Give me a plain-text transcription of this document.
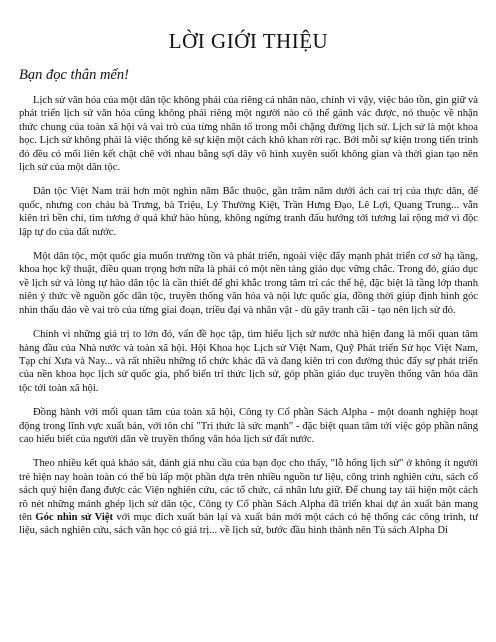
LỜI GIỚI THIỆU
Bạn đọc thân mến!

Lịch sử văn hóa của một dân tộc không phải của riêng cá nhân nào, chính vì vậy, việc bảo tồn, gìn giữ và phát triển lịch sử văn hóa cũng không phải riêng một người nào có thể gánh vác được, nó thuộc về nhận thức chung của toàn xã hội và vai trò của từng nhân tố trong mỗi chặng đường lịch sử. Lịch sử là một khoa học. Lịch sử không phải là việc thống kê sự kiện một cách khô khan rời rạc. Bởi mỗi sự kiện trong tiến trình đó đều có mối liên kết chặt chẽ với nhau bằng sợi dây vô hình xuyên suốt không gian và thời gian tạo nên lịch sử của một dân tộc.

Dân tộc Việt Nam trải hơn một nghìn năm Bắc thuộc, gần trăm năm dưới ách cai trị của thực dân, đế quốc, nhưng con cháu bà Trưng, bà Triệu, Lý Thường Kiệt, Trần Hưng Đạo, Lê Lợi, Quang Trung... vẫn kiên trì bền chí, tìm tương ở quá khứ hào hùng, không ngừng tranh đấu hướng tới tương lai rộng mở vì độc lập tự do của đất nước.

Một dân tộc, một quốc gia muốn trường tồn và phát triển, ngoài việc đẩy mạnh phát triển cơ sở hạ tầng, khoa học kỹ thuật, điều quan trọng hơn nữa là phải có một nền tảng giáo dục vững chắc. Trong đó, giáo dục về lịch sử và lòng tự hào dân tộc là cần thiết để ghi khắc trong tâm trí các thế hệ, đặc biệt là tầng lớp thanh niên ý thức về nguồn gốc dân tộc, truyền thống văn hóa và nội lực quốc gia, đồng thời giúp định hình góc nhìn thấu đáo về vai trò của từng giai đoạn, triều đại và nhân vật - dù gây tranh cãi - tạo nên lịch sử đó.

Chính vì những giá trị to lớn đó, vấn đề học tập, tìm hiểu lịch sử nước nhà hiện đang là mối quan tâm hàng đầu của Nhà nước và toàn xã hội. Hội Khoa học Lịch sử Việt Nam, Quỹ Phát triển Sử học Việt Nam, Tạp chí Xưa và Nay... và rất nhiều những tổ chức khác đã và đang kiên trì con đường thúc đẩy sự phát triển của nền khoa học lịch sử quốc gia, phổ biến tri thức lịch sử, góp phần giáo dục truyền thống văn hóa dân tộc tới toàn xã hội.

Đồng hành với mối quan tâm của toàn xã hội, Công ty Cổ phần Sách Alpha - một doanh nghiệp hoạt động trong lĩnh vực xuất bản, với tôn chỉ "Tri thức là sức mạnh" - đặc biệt quan tâm tới việc góp phần nâng cao hiểu biết của người dân về truyền thống văn hóa lịch sử đất nước.

Theo nhiều kết quả khảo sát, đánh giá nhu cầu của bạn đọc cho thấy, "lỗ hổng lịch sử" ở không ít người trẻ hiện nay hoàn toàn có thể bù lấp một phần dựa trên nhiều nguồn tư liệu, công trình nghiên cứu, sách cổ sách quý hiện đang được các Viện nghiên cứu, các tổ chức, cá nhân lưu giữ. Để chung tay tái hiện một cách rõ nét những mảnh ghép lịch sử dân tộc, Công ty Cổ phần Sách Alpha đã triển khai dự án xuất bản mang tên Góc nhìn sử Việt với mục đích xuất bản lại và xuất bản mới một cách có hệ thống các công trình, tư liệu, sách nghiên cứu, sách văn học có giá trị... về lịch sử, bước đầu hình thành nên Tủ sách Alpha Di
